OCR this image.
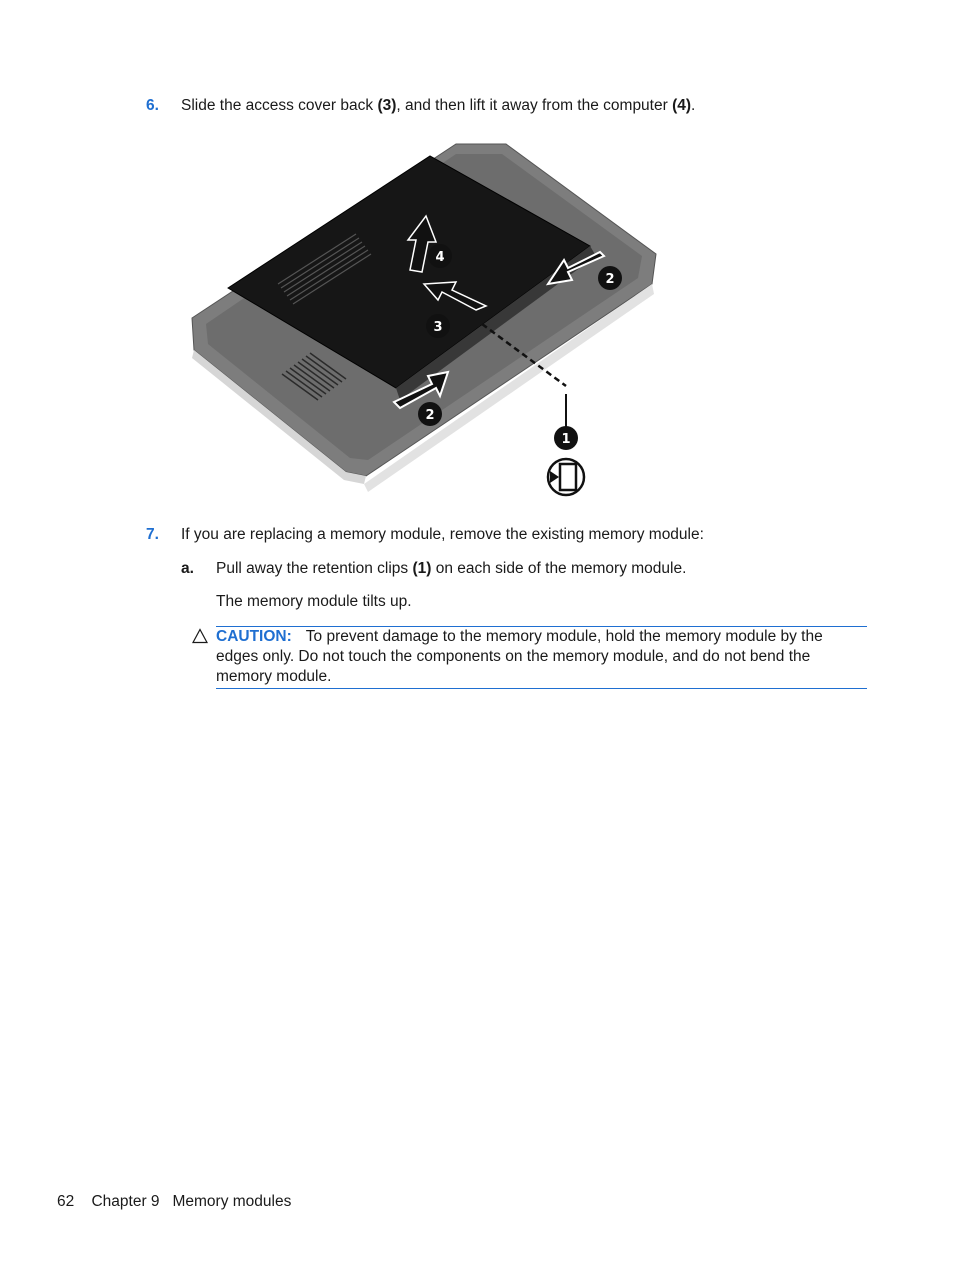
6. Slide the access cover back (3), and then lift it away from the computer (4).
4
3
2
2
1
7. If you are replacing a memory module, remove the existing memory module:
a. Pull away the retention clips (1) on each side of the memory module.
The memory module tilts up.
CAUTION: To prevent damage to the memory module, hold the memory module by the edges only. Do not touch the components on the memory module, and do not bend the memory module.
62 Chapter 9 Memory modules
